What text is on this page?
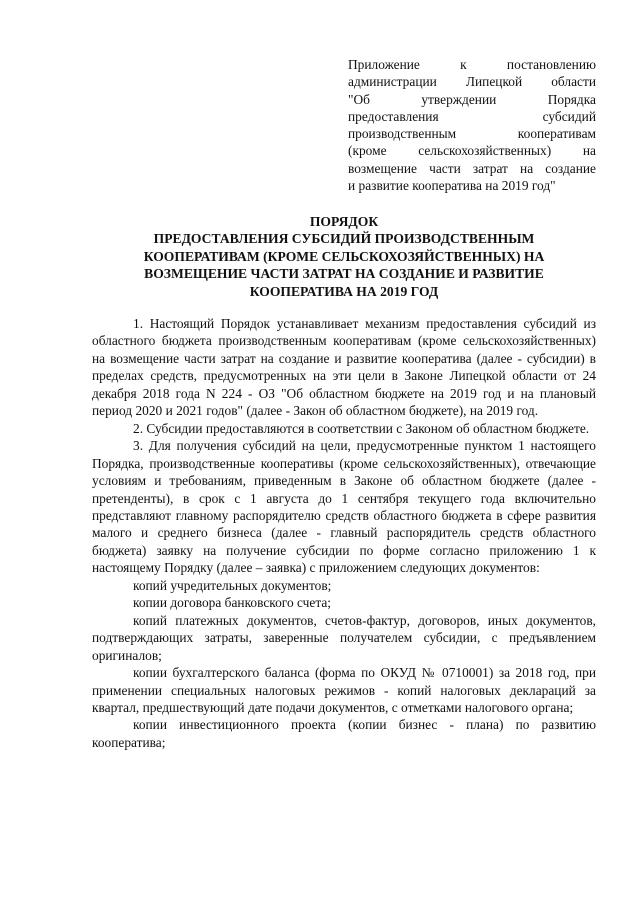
Приложение к постановлению
администрации Липецкой области
"Об утверждении Порядка
предоставления субсидий
производственным кооперативам
(кроме сельскохозяйственных) на
возмещение части затрат на создание
и развитие кооператива на 2019 год"
ПОРЯДОК
ПРЕДОСТАВЛЕНИЯ СУБСИДИЙ ПРОИЗВОДСТВЕННЫМ
КООПЕРАТИВАМ (КРОМЕ СЕЛЬСКОХОЗЯЙСТВЕННЫХ) НА
ВОЗМЕЩЕНИЕ ЧАСТИ ЗАТРАТ НА СОЗДАНИЕ И РАЗВИТИЕ
КООПЕРАТИВА НА 2019 ГОД

1. Настоящий Порядок устанавливает механизм предоставления субсидий из областного бюджета производственным кооперативам (кроме сельскохозяйственных) на возмещение части затрат на создание и развитие кооператива (далее - субсидии) в пределах средств, предусмотренных на эти цели в Законе Липецкой области от 24 декабря 2018 года N 224 - ОЗ "Об областном бюджете на 2019 год и на плановый период 2020 и 2021 годов" (далее - Закон об областном бюджете), на 2019 год.

2. Субсидии предоставляются в соответствии с Законом об областном бюджете.

3. Для получения субсидий на цели, предусмотренные пунктом 1 настоящего Порядка, производственные кооперативы (кроме сельскохозяйственных), отвечающие условиям и требованиям, приведенным в Законе об областном бюджете (далее - претенденты), в срок с 1 августа до 1 сентября текущего года включительно представляют главному распорядителю средств областного бюджета в сфере развития малого и среднего бизнеса (далее - главный распорядитель средств областного бюджета) заявку на получение субсидии по форме согласно приложению 1 к настоящему Порядку (далее – заявка) с приложением следующих документов:

копий учредительных документов;

копии договора банковского счета;

копий платежных документов, счетов-фактур, договоров, иных документов, подтверждающих затраты, заверенные получателем субсидии, с предъявлением оригиналов;

копии бухгалтерского баланса (форма по ОКУД № 0710001) за 2018 год, при применении специальных налоговых режимов - копий налоговых деклараций за квартал, предшествующий дате подачи документов, с отметками налогового органа;

копии инвестиционного проекта (копии бизнес - плана) по развитию кооператива;
